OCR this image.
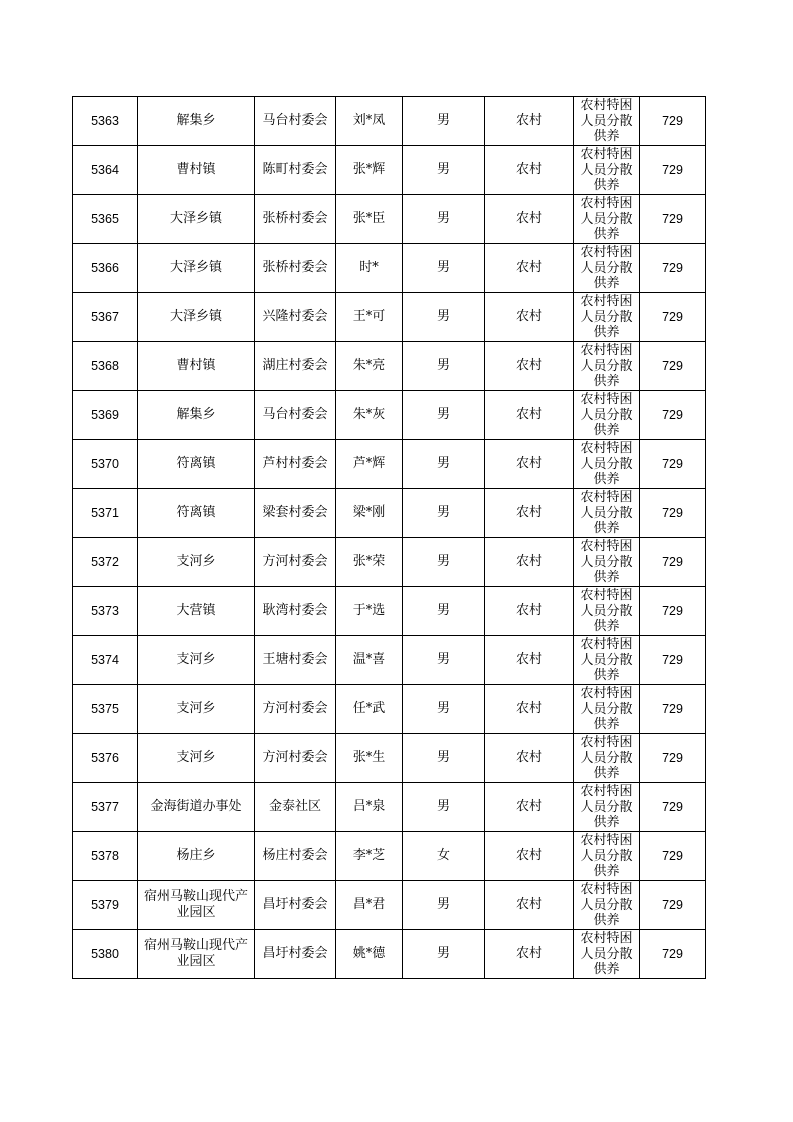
5363	解集乡	马台村委会	刘*凤	男	农村	农村特困人员分散供养	729
5364	曹村镇	陈町村委会	张*辉	男	农村	农村特困人员分散供养	729
5365	大泽乡镇	张桥村委会	张*臣	男	农村	农村特困人员分散供养	729
5366	大泽乡镇	张桥村委会	时*	男	农村	农村特困人员分散供养	729
5367	大泽乡镇	兴隆村委会	王*可	男	农村	农村特困人员分散供养	729
5368	曹村镇	湖庄村委会	朱*亮	男	农村	农村特困人员分散供养	729
5369	解集乡	马台村委会	朱*灰	男	农村	农村特困人员分散供养	729
5370	符离镇	芦村村委会	芦*辉	男	农村	农村特困人员分散供养	729
5371	符离镇	梁套村委会	梁*刚	男	农村	农村特困人员分散供养	729
5372	支河乡	方河村委会	张*荣	男	农村	农村特困人员分散供养	729
5373	大营镇	耿湾村委会	于*选	男	农村	农村特困人员分散供养	729
5374	支河乡	王塘村委会	温*喜	男	农村	农村特困人员分散供养	729
5375	支河乡	方河村委会	任*武	男	农村	农村特困人员分散供养	729
5376	支河乡	方河村委会	张*生	男	农村	农村特困人员分散供养	729
5377	金海街道办事处	金泰社区	吕*泉	男	农村	农村特困人员分散供养	729
5378	杨庄乡	杨庄村委会	李*芝	女	农村	农村特困人员分散供养	729
5379	宿州马鞍山现代产业园区	昌圩村委会	昌*君	男	农村	农村特困人员分散供养	729
5380	宿州马鞍山现代产业园区	昌圩村委会	姚*德	男	农村	农村特困人员分散供养	729
